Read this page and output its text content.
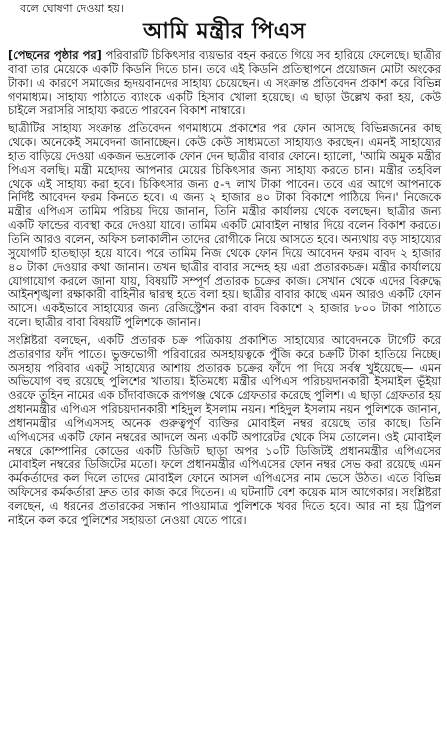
বলে ঘোষণা দেওয়া হয়।
আমি মন্ত্রীর পিএস

[পেছনের পৃষ্ঠার পর] পরিবারটি চিকিৎসার ব্যয়ভার বহন করতে গিয়ে সব হারিয়ে ফেলেছে। ছাত্রীর বাবা তার মেয়েকে একটি কিডনি দিতে চান। তবে এই কিডনি প্রতিস্থাপনে প্রয়োজন মোটা অংকের টাকা। এ কারণে সমাজের হৃদয়বানদের সাহায্য চেয়েছেন। এ সংক্রান্ত প্রতিবেদন প্রকাশ করে বিভিন্ন গণমাধ্যম। সাহায্য পাঠাতে ব্যাংকে একটি হিসাব খোলা হয়েছে। এ ছাড়া উল্লেখ করা হয়, কেউ চাইলে সরাসরি সাহায্য করতে পারবেন বিকাশ নাম্বারে।

ছাত্রীটির সাহায্য সংক্রান্ত প্রতিবেদন গণমাধ্যমে প্রকাশের পর ফোন আসছে বিভিন্নজনের কাছ থেকে। অনেকেই সমবেদনা জানাচ্ছেন। কেউ কেউ সাধ্যমতো সাহায্যও করছেন। এমনই সাহায্যের হাত বাড়িয়ে দেওয়া একজন ভদ্রলোক ফোন দেন ছাত্রীর বাবার ফোনে। হ্যালো, 'আমি অমুক মন্ত্রীর পিএস বলছি। মন্ত্রী মহোদয় আপনার মেয়ের চিকিৎসার জন্য সাহায্য করতে চান। মন্ত্রীর তহবিল থেকে এই সাহায্য করা হবে। চিকিৎসার জন্য ৫-৭ লাখ টাকা পাবেন। তবে এর আগে আপনাকে নির্দিষ্ট আবেদন ফরম কিনতে হবে। এ জন্য ২ হাজার ৪০ টাকা বিকাশে পাঠিয়ে দিন।' নিজেকে মন্ত্রীর এপিএস তামিম পরিচয় দিয়ে জানান, তিনি মন্ত্রীর কার্যালয় থেকে বলছেন। ছাত্রীর জন্য একটি ফান্ডের ব্যবস্থা করে দেওয়া যাবে। তামিম একটি মোবাইল নাম্বার দিয়ে বলেন বিকাশ করতে। তিনি আরও বলেন, অফিস চলাকালীন তাদের রোগীকে নিয়ে আসতে হবে। অন্যথায় বড় সাহায্যের সুযোগটি হাতছাড়া হয়ে যাবে। পরে তামিম নিজ থেকে ফোন দিয়ে আবেদন ফরম বাবদ ২ হাজার ৪০ টাকা দেওয়ার কথা জানান। তখন ছাত্রীর বাবার সন্দেহ হয় এরা প্রতারকচক্র। মন্ত্রীর কার্যালয়ে যোগাযোগ করলে জানা যায়, বিষয়টি সম্পূর্ণ প্রতারক চক্রের কাজ। সেখান থেকে এদের বিরুদ্ধে আইনশৃঙ্খলা রক্ষাকারী বাহিনীর দ্বারস্থ হতে বলা হয়। ছাত্রীর বাবার কাছে এমন আরও একটি ফোন আসে। একইভাবে সাহায্যের জন্য রেজিস্ট্রেশন করা বাবদ বিকাশে ২ হাজার ৮০০ টাকা পাঠাতে বলে। ছাত্রীর বাবা বিষয়টি পুলিশকে জানান।

সংশ্লিষ্টরা বলছেন, একটি প্রতারক চক্র পত্রিকায় প্রকাশিত সাহায্যের আবেদনকে টার্গেট করে প্রতারণার ফাঁদ পাতে। ভুক্তভোগী পরিবারের অসহায়ত্বকে পুঁজি করে চক্রটি টাকা হাতিয়ে নিচ্ছে। অসহায় পরিবার একটু সাহায্যের আশায় প্রতারক চক্রের ফাঁদে পা দিয়ে সর্বস্ব খুইয়েছে— এমন অভিযোগ বহু রয়েছে পুলিশের খাতায়। ইতিমধ্যে মন্ত্রীর এপিএস পরিচয়দানকারী ইসমাইল ভূঁইয়া ওরফে তুহিন নামের এক চাঁদাবাজকে রূপগঞ্জ থেকে গ্রেফতার করেছে পুলিশ। এ ছাড়া গ্রেফতার হয় প্রধানমন্ত্রীর এপিএস পরিচয়দানকারী শহিদুল ইসলাম নয়ন। শহিদুল ইসলাম নয়ন পুলিশকে জানান, প্রধানমন্ত্রীর এপিএসসহ অনেক গুরুত্বপূর্ণ ব্যক্তির মোবাইল নম্বর রয়েছে তার কাছে। তিনি এপিএসের একটি ফোন নম্বরের আদলে অন্য একটি অপারেটর থেকে সিম তোলেন। ওই মোবাইল নম্বরে কোম্পানির কোডের একটি ডিজিট ছাড়া অপর ১০টি ডিজিটই প্রধানমন্ত্রীর এপিএসের মোবাইল নম্বরের ডিজিটের মতো। ফলে প্রধানমন্ত্রীর এপিএসের ফোন নম্বর সেভ করা রয়েছে এমন কর্মকর্তাদের কল দিলে তাদের মোবাইল ফোনে আসল এপিএসের নাম ভেসে উঠত। এতে বিভিন্ন অফিসের কর্মকর্তারা দ্রুত তার কাজ করে দিতেন। এ ঘটনাটি বেশ কয়েক মাস আগেকার। সংশ্লিষ্টরা বলছেন, এ ধরনের প্রতারকের সন্ধান পাওয়ামাত্র পুলিশকে খবর দিতে হবে। আর না হয় ট্রিপল নাইনে কল করে পুলিশের সহায়তা নেওয়া যেতে পারে।
